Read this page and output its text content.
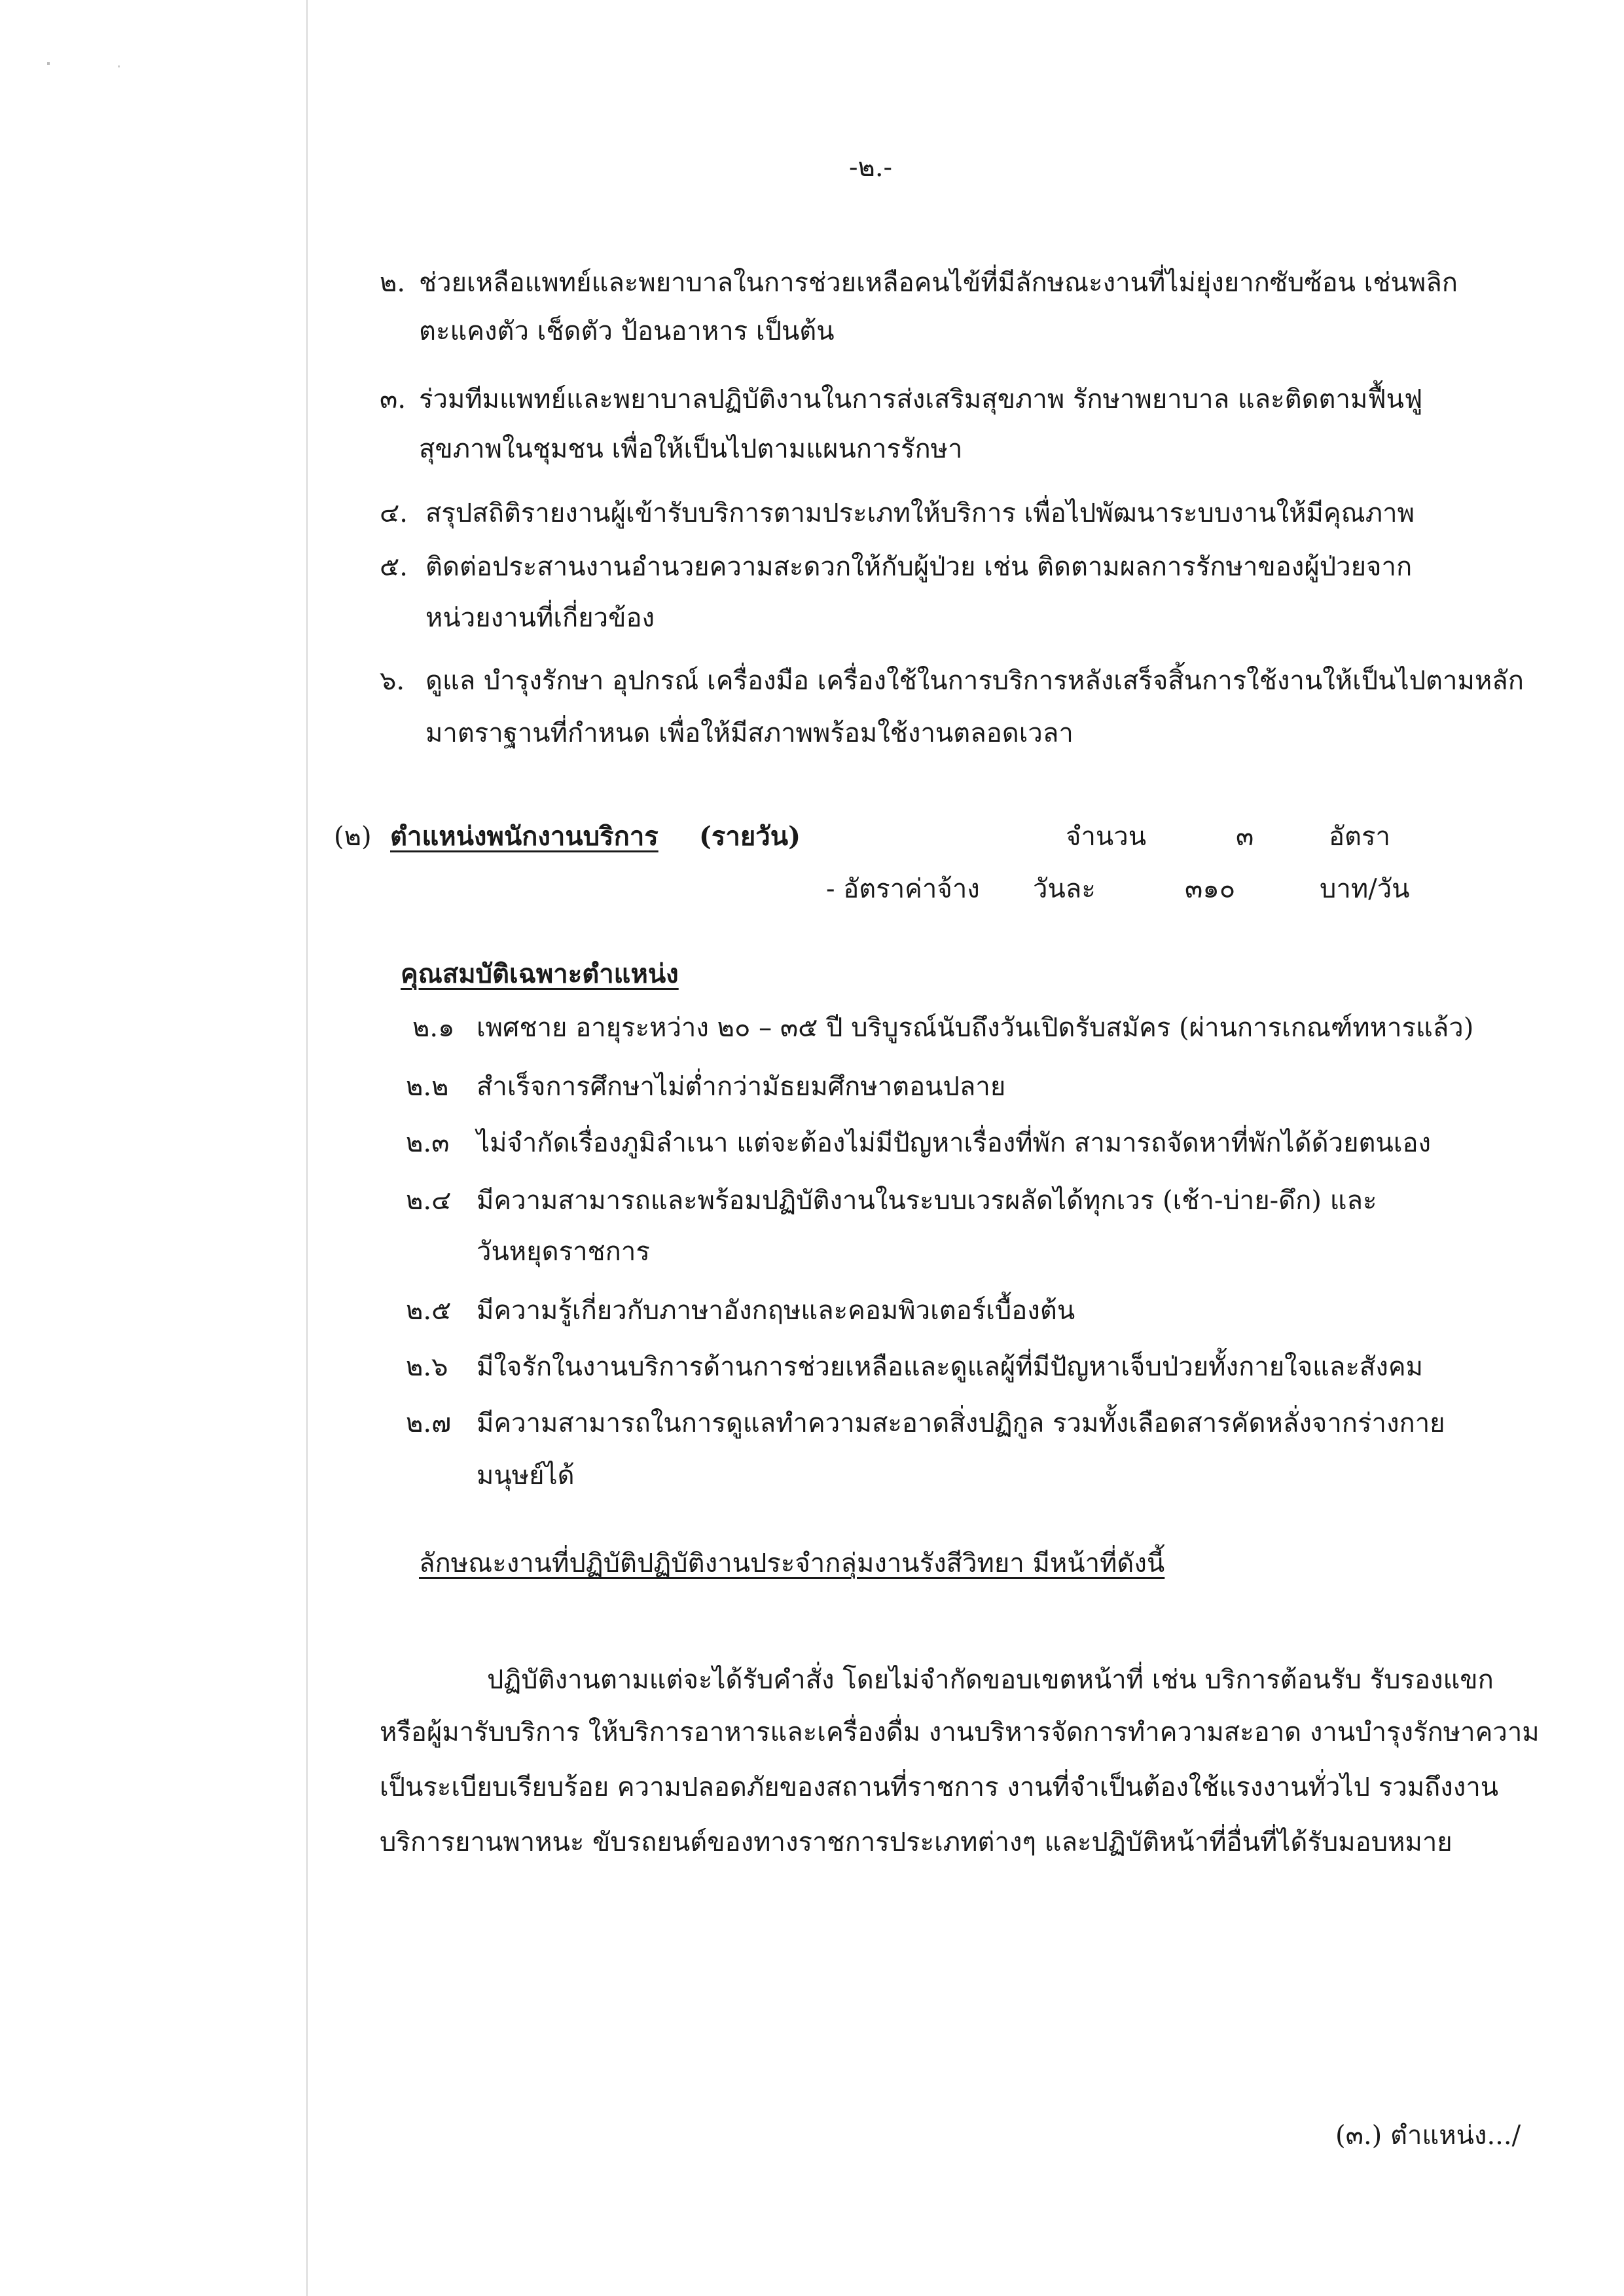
-๒.-
๒. ช่วยเหลือแพทย์และพยาบาลในการช่วยเหลือคนไข้ที่มีลักษณะงานที่ไม่ยุ่งยากซับซ้อน เช่นพลิก
ตะแคงตัว เช็ดตัว ป้อนอาหาร เป็นต้น
๓. ร่วมทีมแพทย์และพยาบาลปฏิบัติงานในการส่งเสริมสุขภาพ รักษาพยาบาล และติดตามฟื้นฟู
สุขภาพในชุมชน เพื่อให้เป็นไปตามแผนการรักษา
๔. สรุปสถิติรายงานผู้เข้ารับบริการตามประเภทให้บริการ เพื่อไปพัฒนาระบบงานให้มีคุณภาพ
๕. ติดต่อประสานงานอำนวยความสะดวกให้กับผู้ป่วย เช่น ติดตามผลการรักษาของผู้ป่วยจาก
หน่วยงานที่เกี่ยวข้อง
๖. ดูแล บำรุงรักษา อุปกรณ์ เครื่องมือ เครื่องใช้ในการบริการหลังเสร็จสิ้นการใช้งานให้เป็นไปตามหลัก
มาตราฐานที่กำหนด เพื่อให้มีสภาพพร้อมใช้งานตลอดเวลา
(๒) ตำแหน่งพนักงานบริการ (รายวัน)	จำนวน	๓	อัตรา
- อัตราค่าจ้าง วันละ	๓๑๐	บาท/วัน
คุณสมบัติเฉพาะตำแหน่ง
๒.๑ เพศชาย อายุระหว่าง ๒๐ – ๓๕ ปี บริบูรณ์นับถึงวันเปิดรับสมัคร (ผ่านการเกณฑ์ทหารแล้ว)
๒.๒ สำเร็จการศึกษาไม่ต่ำกว่ามัธยมศึกษาตอนปลาย
๒.๓ ไม่จำกัดเรื่องภูมิลำเนา แต่จะต้องไม่มีปัญหาเรื่องที่พัก สามารถจัดหาที่พักได้ด้วยตนเอง
๒.๔ มีความสามารถและพร้อมปฏิบัติงานในระบบเวรผลัดได้ทุกเวร (เช้า-บ่าย-ดึก) และ
วันหยุดราชการ
๒.๕ มีความรู้เกี่ยวกับภาษาอังกฤษและคอมพิวเตอร์เบื้องต้น
๒.๖ มีใจรักในงานบริการด้านการช่วยเหลือและดูแลผู้ที่มีปัญหาเจ็บป่วยทั้งกายใจและสังคม
๒.๗ มีความสามารถในการดูแลทำความสะอาดสิ่งปฏิกูล รวมทั้งเลือดสารคัดหลั่งจากร่างกาย
มนุษย์ได้
ลักษณะงานที่ปฏิบัติปฏิบัติงานประจำกลุ่มงานรังสีวิทยา มีหน้าที่ดังนี้
ปฏิบัติงานตามแต่จะได้รับคำสั่ง โดยไม่จำกัดขอบเขตหน้าที่ เช่น บริการต้อนรับ รับรองแขก
หรือผู้มารับบริการ ให้บริการอาหารและเครื่องดื่ม งานบริหารจัดการทำความสะอาด งานบำรุงรักษาความ
เป็นระเบียบเรียบร้อย ความปลอดภัยของสถานที่ราชการ งานที่จำเป็นต้องใช้แรงงานทั่วไป รวมถึงงาน
บริการยานพาหนะ ขับรถยนต์ของทางราชการประเภทต่างๆ และปฏิบัติหน้าที่อื่นที่ได้รับมอบหมาย
(๓.) ตำแหน่ง.../
